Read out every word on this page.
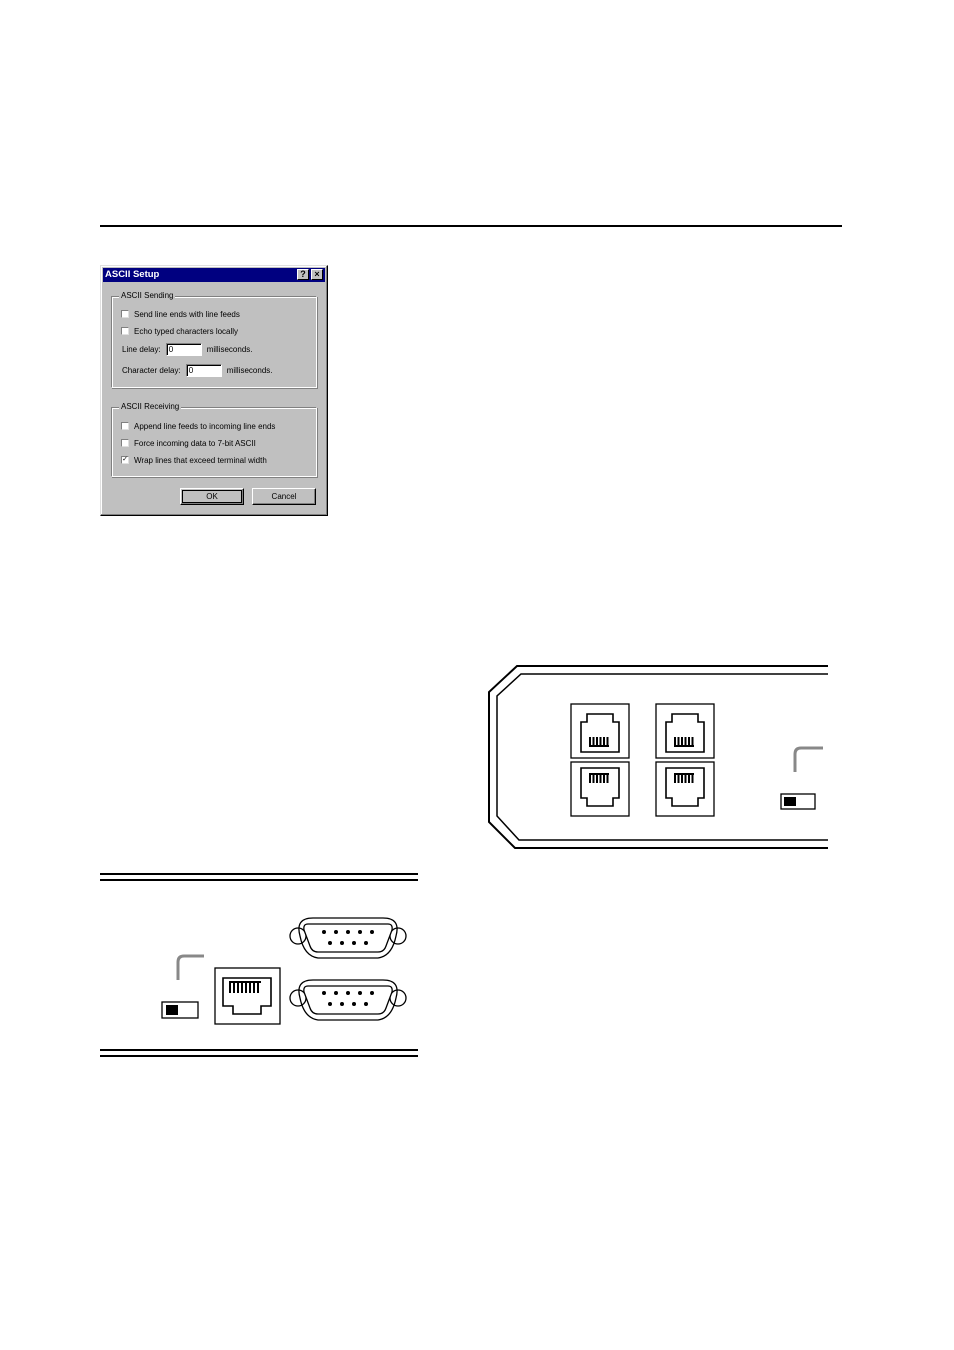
ASCII Setup	? ×
ASCII Sending
Send line ends with line feeds
Echo typed characters locally
Line delay:	0	milliseconds.
Character delay:	0	milliseconds.
ASCII Receiving
Append line feeds to incoming line ends
Force incoming data to 7-bit ASCII
✓ Wrap lines that exceed terminal width
OK	Cancel
